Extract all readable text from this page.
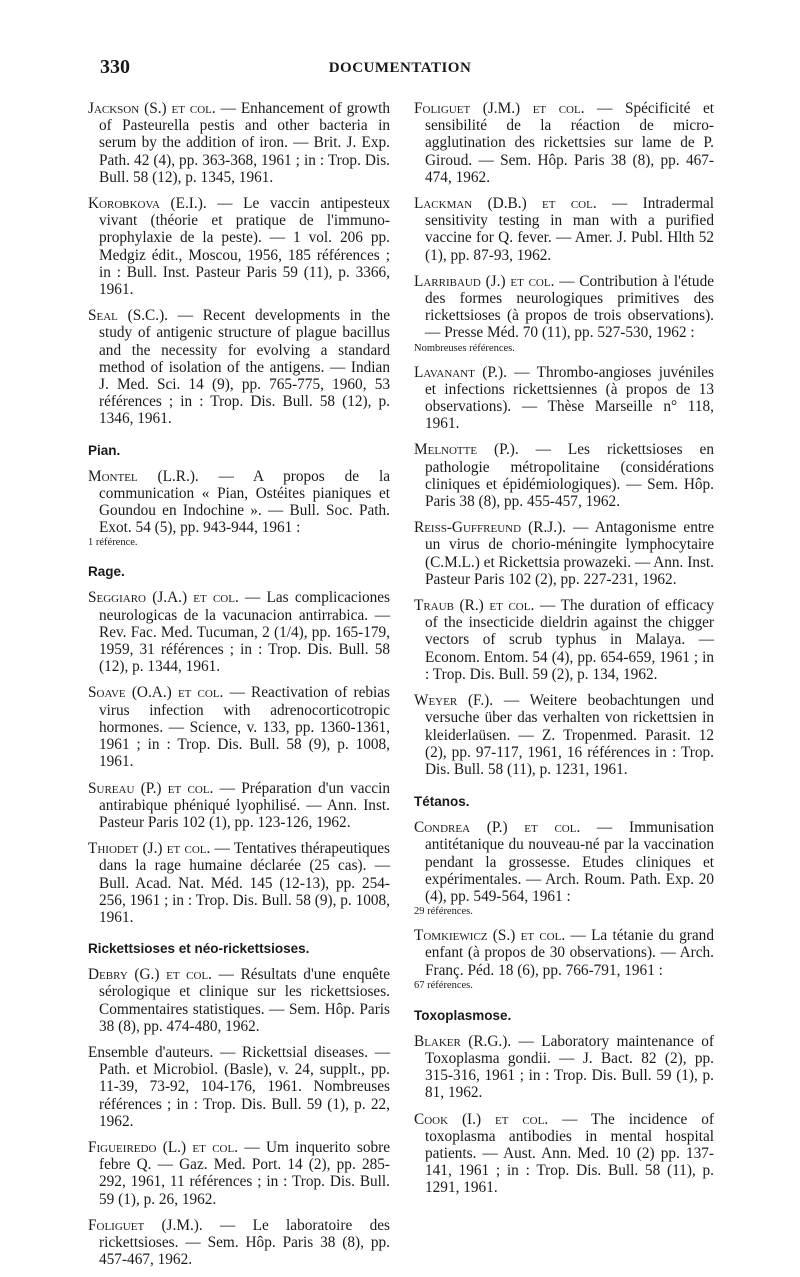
330	DOCUMENTATION
Jackson (S.) et col. — Enhancement of growth of Pasteurella pestis and other bacteria in serum by the addition of iron. — Brit. J. Exp. Path. 42 (4), pp. 363-368, 1961 ; in : Trop. Dis. Bull. 58 (12), p. 1345, 1961.
Korobkova (E.I.). — Le vaccin antipesteux vivant (théorie et pratique de l'immuno-prophylaxie de la peste). — 1 vol. 206 pp. Medgiz édit., Moscou, 1956, 185 références ; in : Bull. Inst. Pasteur Paris 59 (11), p. 3366, 1961.
Seal (S.C.). — Recent developments in the study of antigenic structure of plague bacillus and the necessity for evolving a standard method of isolation of the antigens. — Indian J. Med. Sci. 14 (9), pp. 765-775, 1960, 53 références ; in : Trop. Dis. Bull. 58 (12), p. 1346, 1961.
Pian.
Montel (L.R.). — A propos de la communication « Pian, Ostéites pianiques et Goundou en Indochine ». — Bull. Soc. Path. Exot. 54 (5), pp. 943-944, 1961 :
1 référence.
Rage.
Seggiaro (J.A.) et col. — Las complicaciones neurologicas de la vacunacion antirrabica. — Rev. Fac. Med. Tucuman, 2 (1/4), pp. 165-179, 1959, 31 références ; in : Trop. Dis. Bull. 58 (12), p. 1344, 1961.
Soave (O.A.) et col. — Reactivation of rebias virus infection with adrenocorticotropic hormones. — Science, v. 133, pp. 1360-1361, 1961 ; in : Trop. Dis. Bull. 58 (9), p. 1008, 1961.
Sureau (P.) et col. — Préparation d'un vaccin antirabique phéniqué lyophilisé. — Ann. Inst. Pasteur Paris 102 (1), pp. 123-126, 1962.
Thiodet (J.) et col. — Tentatives thérapeutiques dans la rage humaine déclarée (25 cas). — Bull. Acad. Nat. Méd. 145 (12-13), pp. 254-256, 1961 ; in : Trop. Dis. Bull. 58 (9), p. 1008, 1961.
Rickettsioses et néo-rickettsioses.
Debry (G.) et col. — Résultats d'une enquête sérologique et clinique sur les rickettsioses. Commentaires statistiques. — Sem. Hôp. Paris 38 (8), pp. 474-480, 1962.
Ensemble d'auteurs. — Rickettsial diseases. — Path. et Microbiol. (Basle), v. 24, supplt., pp. 11-39, 73-92, 104-176, 1961. Nombreuses références ; in : Trop. Dis. Bull. 59 (1), p. 22, 1962.
Figueiredo (L.) et col. — Um inquerito sobre febre Q. — Gaz. Med. Port. 14 (2), pp. 285-292, 1961, 11 références ; in : Trop. Dis. Bull. 59 (1), p. 26, 1962.
Foliguet (J.M.). — Le laboratoire des rickettsioses. — Sem. Hôp. Paris 38 (8), pp. 457-467, 1962.
Foliguet (J.M.) et col. — Spécificité et sensibilité de la réaction de micro-agglutination des rickettsies sur lame de P. Giroud. — Sem. Hôp. Paris 38 (8), pp. 467-474, 1962.
Lackman (D.B.) et col. — Intradermal sensitivity testing in man with a purified vaccine for Q. fever. — Amer. J. Publ. Hlth 52 (1), pp. 87-93, 1962.
Larribaud (J.) et col. — Contribution à l'étude des formes neurologiques primitives des rickettsioses (à propos de trois observations). — Presse Méd. 70 (11), pp. 527-530, 1962 :
Nombreuses références.
Lavanant (P.). — Thrombo-angioses juvéniles et infections rickettsiennes (à propos de 13 observations). — Thèse Marseille n° 118, 1961.
Melnotte (P.). — Les rickettsioses en pathologie métropolitaine (considérations cliniques et épidémiologiques). — Sem. Hôp. Paris 38 (8), pp. 455-457, 1962.
Reiss-Guffreund (R.J.). — Antagonisme entre un virus de chorio-méningite lymphocytaire (C.M.L.) et Rickettsia prowazeki. — Ann. Inst. Pasteur Paris 102 (2), pp. 227-231, 1962.
Traub (R.) et col. — The duration of efficacy of the insecticide dieldrin against the chigger vectors of scrub typhus in Malaya. — Econom. Entom. 54 (4), pp. 654-659, 1961 ; in : Trop. Dis. Bull. 59 (2), p. 134, 1962.
Weyer (F.). — Weitere beobachtungen und versuche über das verhalten von rickettsien in kleiderlaüsen. — Z. Tropenmed. Parasit. 12 (2), pp. 97-117, 1961, 16 références in : Trop. Dis. Bull. 58 (11), p. 1231, 1961.
Tétanos.
Condrea (P.) et col. — Immunisation antitétanique du nouveau-né par la vaccination pendant la grossesse. Etudes cliniques et expérimentales. — Arch. Roum. Path. Exp. 20 (4), pp. 549-564, 1961 :
29 références.
Tomkiewicz (S.) et col. — La tétanie du grand enfant (à propos de 30 observations). — Arch. Franç. Péd. 18 (6), pp. 766-791, 1961 :
67 références.
Toxoplasmose.
Blaker (R.G.). — Laboratory maintenance of Toxoplasma gondii. — J. Bact. 82 (2), pp. 315-316, 1961 ; in : Trop. Dis. Bull. 59 (1), p. 81, 1962.
Cook (I.) et col. — The incidence of toxoplasma antibodies in mental hospital patients. — Aust. Ann. Med. 10 (2) pp. 137-141, 1961 ; in : Trop. Dis. Bull. 58 (11), p. 1291, 1961.
